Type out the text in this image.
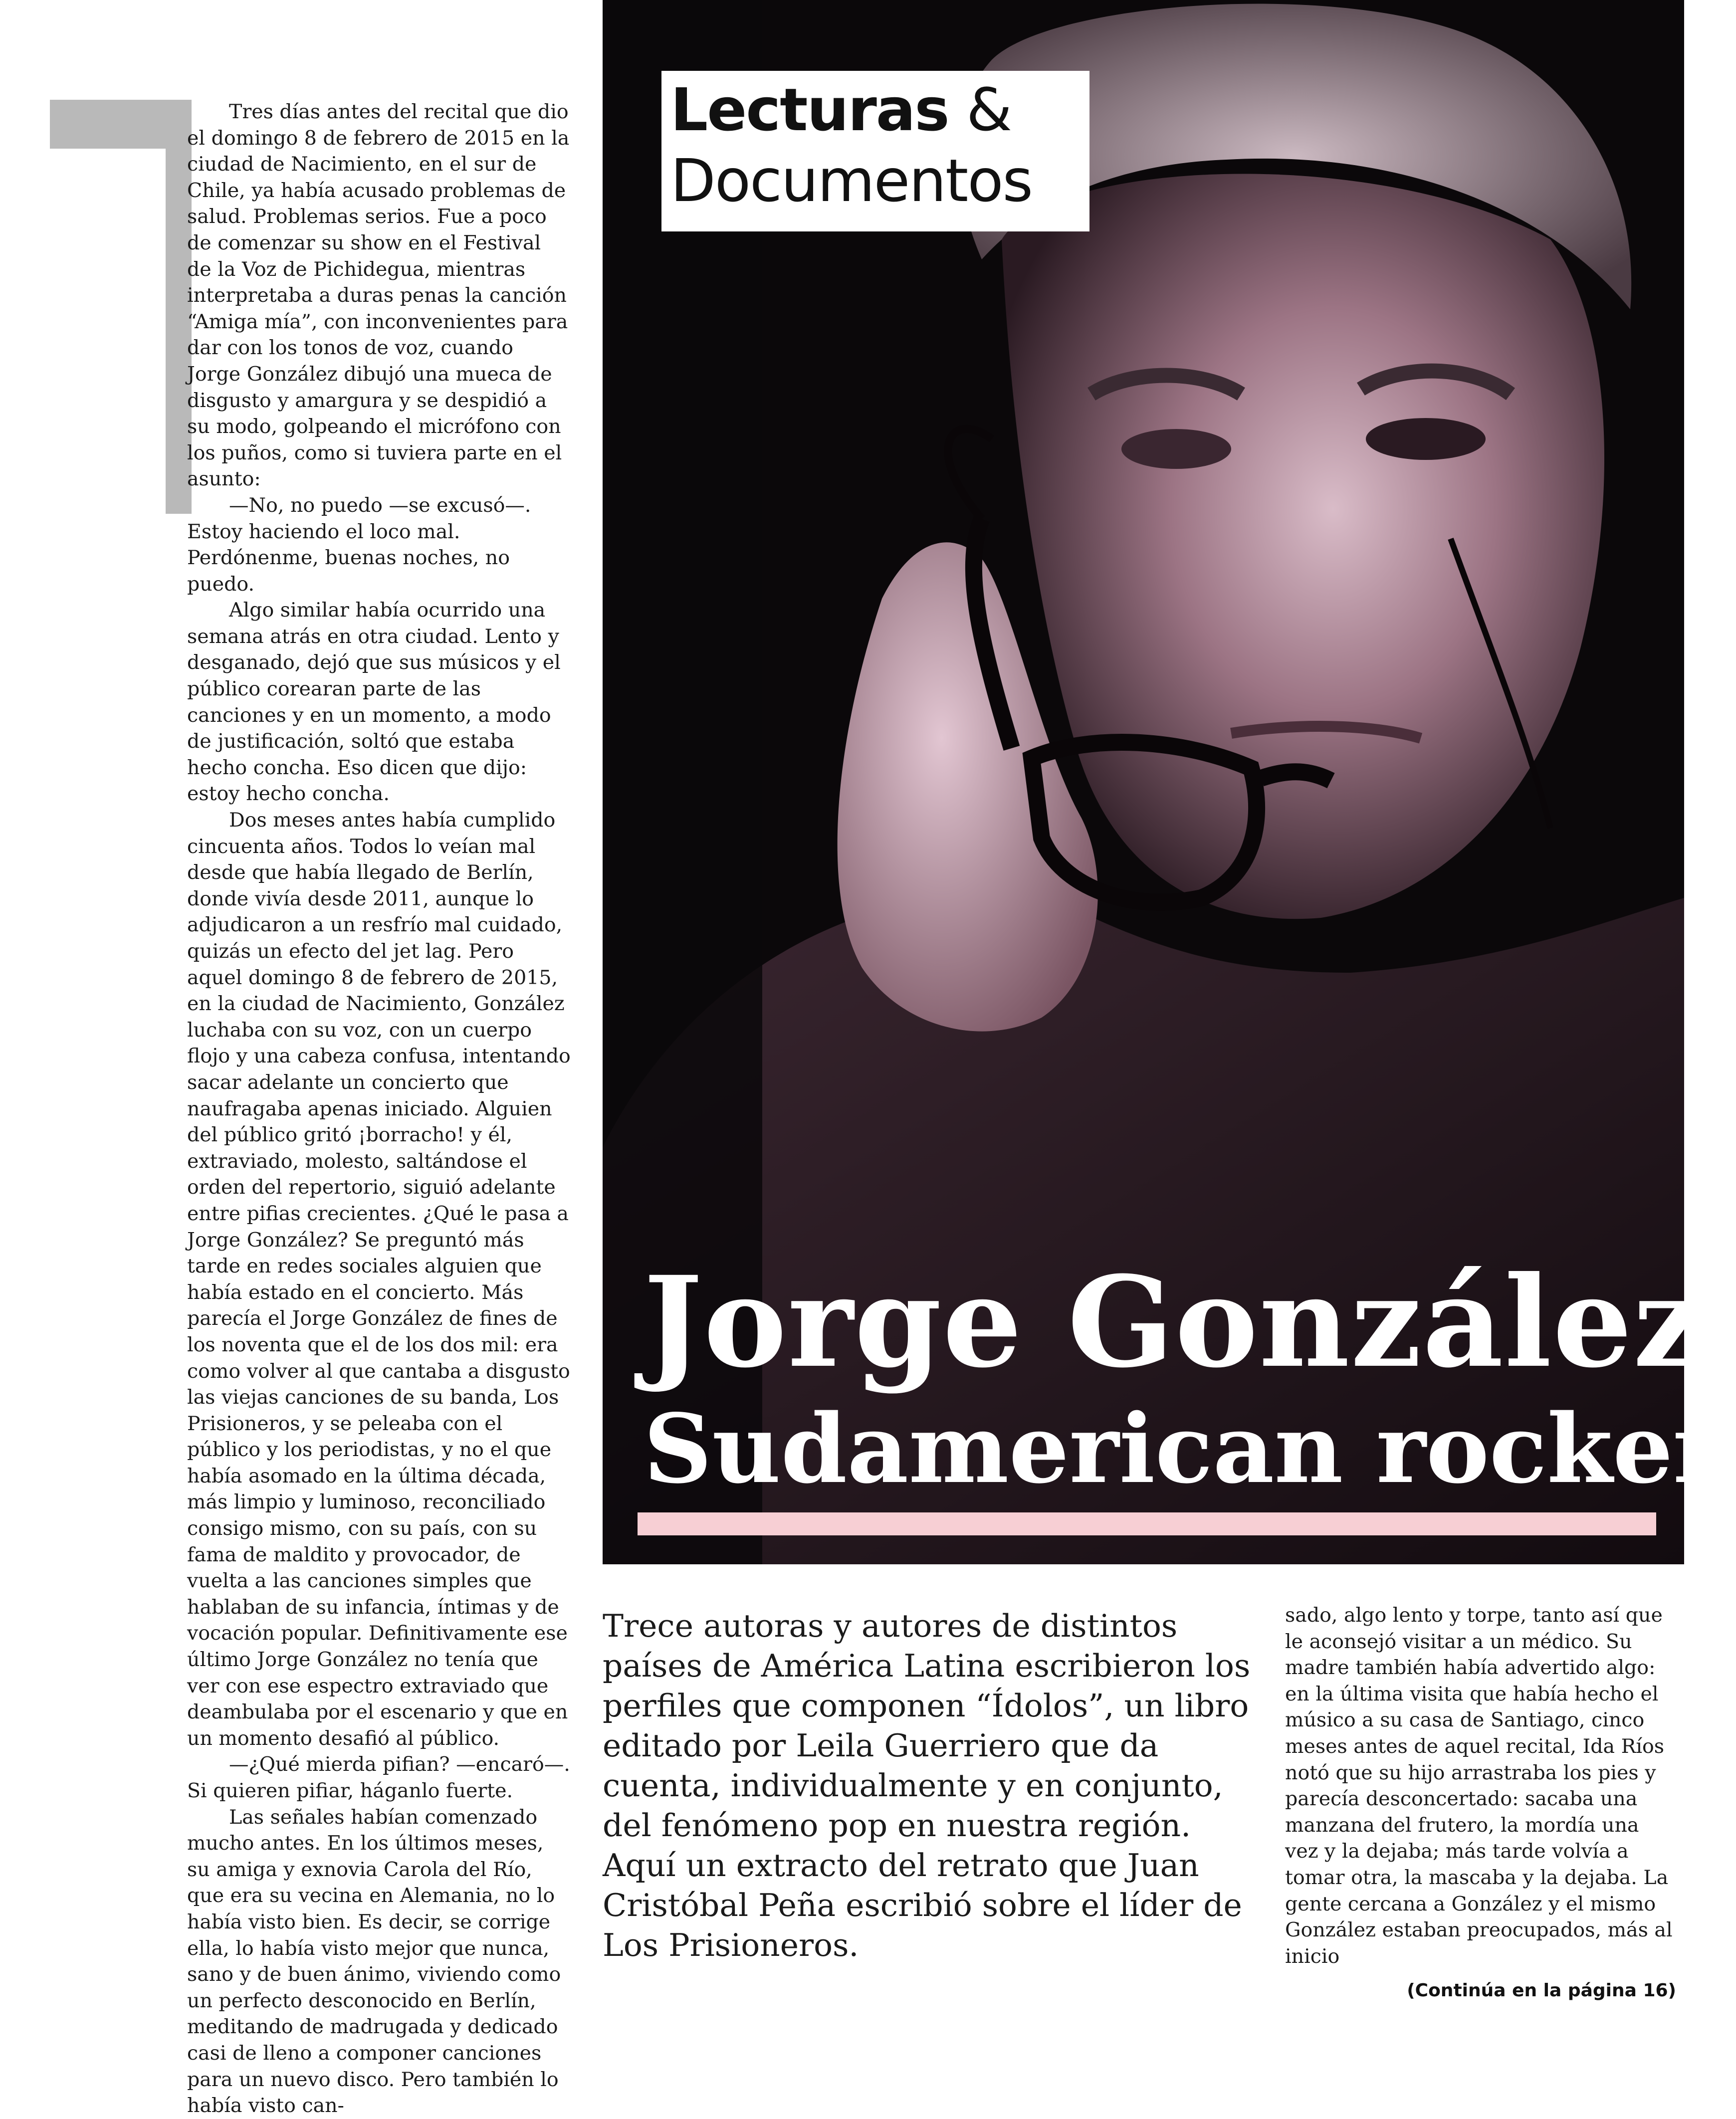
Tres días antes del recital que dio el domingo 8 de febrero de 2015 en la ciudad de Nacimiento, en el sur de Chile, ya había acusado problemas de salud. Problemas serios. Fue a poco de comenzar su show en el Festival de la Voz de Pichidegua, mientras interpretaba a duras penas la canción “Amiga mía”, con inconvenientes para dar con los tonos de voz, cuando Jorge González dibujó una mueca de disgusto y amargura y se despidió a su modo, golpeando el micrófono con los puños, como si tuviera parte en el asunto:

—No, no puedo —se excusó—. Estoy haciendo el loco mal. Perdónenme, buenas noches, no puedo.

Algo similar había ocurrido una semana atrás en otra ciudad. Lento y desganado, dejó que sus músicos y el público corearan parte de las canciones y en un momento, a modo de justificación, soltó que estaba hecho concha. Eso dicen que dijo: estoy hecho concha.

Dos meses antes había cumplido cincuenta años. Todos lo veían mal desde que había llegado de Berlín, donde vivía desde 2011, aunque lo adjudicaron a un resfrío mal cuidado, quizás un efecto del jet lag. Pero aquel domingo 8 de febrero de 2015, en la ciudad de Nacimiento, González luchaba con su voz, con un cuerpo flojo y una cabeza confusa, intentando sacar adelante un concierto que naufragaba apenas iniciado. Alguien del público gritó ¡borracho! y él, extraviado, molesto, saltándose el orden del repertorio, siguió adelante entre pifias crecientes. ¿Qué le pasa a Jorge González? Se preguntó más tarde en redes sociales alguien que había estado en el concierto. Más parecía el Jorge González de fines de los noventa que el de los dos mil: era como volver al que cantaba a disgusto las viejas canciones de su banda, Los Prisioneros, y se peleaba con el público y los periodistas, y no el que había asomado en la última década, más limpio y luminoso, reconciliado consigo mismo, con su país, con su fama de maldito y provocador, de vuelta a las canciones simples que hablaban de su infancia, íntimas y de vocación popular. Definitivamente ese último Jorge González no tenía que ver con ese espectro extraviado que deambulaba por el escenario y que en un momento desafió al público.

—¿Qué mierda pifian? —encaró—. Si quieren pifiar, háganlo fuerte.

Las señales habían comenzado mucho antes. En los últimos meses, su amiga y exnovia Carola del Río, que era su vecina en Alemania, no lo había visto bien. Es decir, se corrige ella, lo había visto mejor que nunca, sano y de buen ánimo, viviendo como un perfecto desconocido en Berlín, meditando de madrugada y dedicado casi de lleno a componer canciones para un nuevo disco. Pero también lo había visto can-

Lecturas &
Documentos
Jorge González
Sudamerican rocker
Trece autoras y autores de distintos países de América Latina escribieron los perfiles que componen “Ídolos”, un libro editado por Leila Guerriero que da cuenta, individualmente y en conjunto, del fenómeno pop en nuestra región. Aquí un extracto del retrato que Juan Cristóbal Peña escribió sobre el líder de Los Prisioneros.
sado, algo lento y torpe, tanto así que le aconsejó visitar a un médico. Su madre también había advertido algo: en la última visita que había hecho el músico a su casa de Santiago, cinco meses antes de aquel recital, Ida Ríos notó que su hijo arrastraba los pies y parecía desconcertado: sacaba una manzana del frutero, la mordía una vez y la dejaba; más tarde volvía a tomar otra, la mascaba y la dejaba. La gente cercana a González y el mismo González estaban preocupados, más al inicio
(Continúa en la página 16)
